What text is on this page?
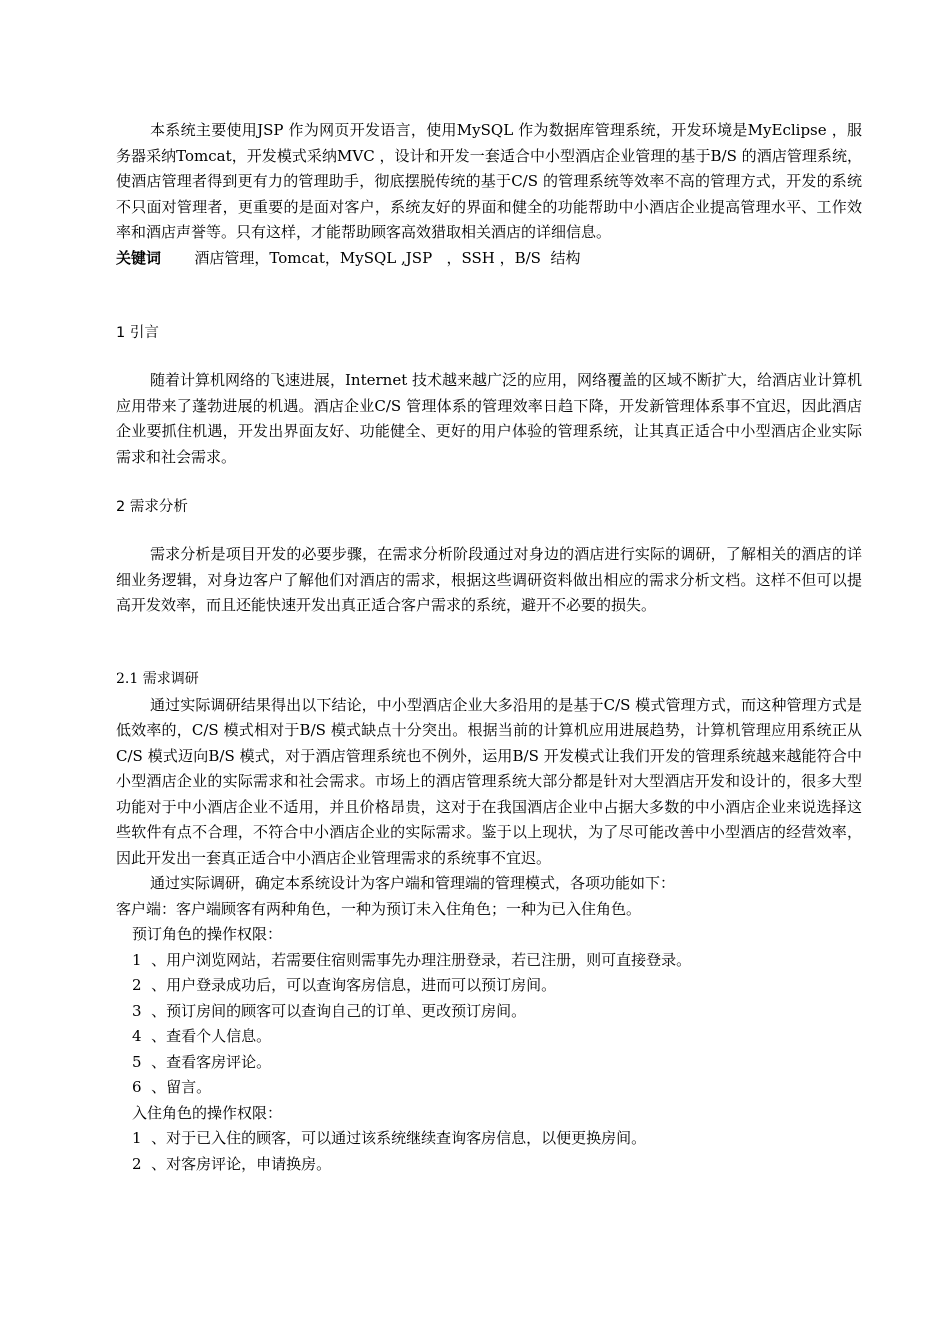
本系统主要使用JSP 作为网页开发语言，使用MySQL 作为数据库管理系统，开发环境是MyEclipse ，服务器采纳Tomcat，开发模式采纳MVC ，设计和开发一套适合中小型酒店企业管理的基于B/S 的酒店管理系统，使酒店管理者得到更有力的管理助手，彻底摆脱传统的基于C/S 的管理系统等效率不高的管理方式，开发的系统不只面对管理者，更重要的是面对客户，系统友好的界面和健全的功能帮助中小酒店企业提高管理水平、工作效率和酒店声誉等。只有这样，才能帮助顾客高效猎取相关酒店的详细信息。

关键词 酒店管理，Tomcat，MySQL ,JSP   ，SSH ，B/S  结构

1 引言

随着计算机网络的飞速进展，Internet 技术越来越广泛的应用，网络覆盖的区域不断扩大，给酒店业计算机应用带来了蓬勃进展的机遇。酒店企业C/S 管理体系的管理效率日趋下降，开发新管理体系事不宜迟，因此酒店企业要抓住机遇，开发出界面友好、功能健全、更好的用户体验的管理系统，让其真正适合中小型酒店企业实际需求和社会需求。

2 需求分析

需求分析是项目开发的必要步骤，在需求分析阶段通过对身边的酒店进行实际的调研，了解相关的酒店的详细业务逻辑，对身边客户了解他们对酒店的需求，根据这些调研资料做出相应的需求分析文档。这样不但可以提高开发效率，而且还能快速开发出真正适合客户需求的系统，避开不必要的损失。

2.1 需求调研

通过实际调研结果得出以下结论，中小型酒店企业大多沿用的是基于C/S 模式管理方式，而这种管理方式是低效率的，C/S 模式相对于B/S 模式缺点十分突出。根据当前的计算机应用进展趋势，计算机管理应用系统正从C/S 模式迈向B/S 模式，对于酒店管理系统也不例外，运用B/S 开发模式让我们开发的管理系统越来越能符合中小型酒店企业的实际需求和社会需求。市场上的酒店管理系统大部分都是针对大型酒店开发和设计的，很多大型功能对于中小酒店企业不适用，并且价格昂贵，这对于在我国酒店企业中占据大多数的中小酒店企业来说选择这些软件有点不合理，不符合中小酒店企业的实际需求。鉴于以上现状，为了尽可能改善中小型酒店的经营效率，因此开发出一套真正适合中小酒店企业管理需求的系统事不宜迟。

通过实际调研，确定本系统设计为客户端和管理端的管理模式，各项功能如下：

客户端：客户端顾客有两种角色，一种为预订未入住角色；一种为已入住角色。

预订角色的操作权限：

1  、用户浏览网站，若需要住宿则需事先办理注册登录，若已注册，则可直接登录。

2  、用户登录成功后，可以查询客房信息，进而可以预订房间。

3  、预订房间的顾客可以查询自己的订单、更改预订房间。

4  、查看个人信息。

5  、查看客房评论。

6  、留言。

入住角色的操作权限：

1  、对于已入住的顾客，可以通过该系统继续查询客房信息，以便更换房间。

2  、对客房评论，申请换房。
